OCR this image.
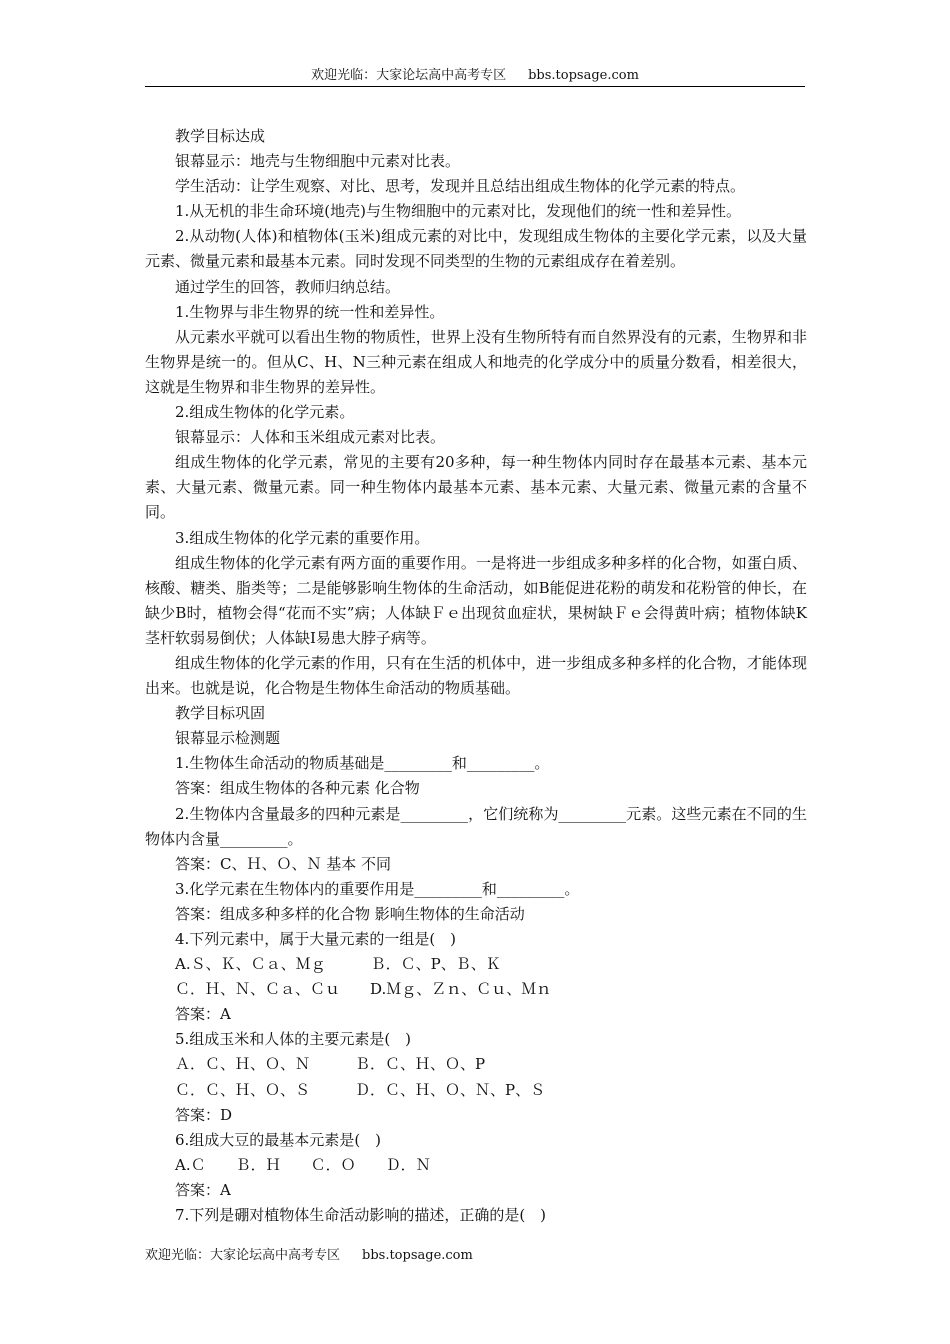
欢迎光临：大家论坛高中高考专区 bbs.topsage.com

教学目标达成

银幕显示：地壳与生物细胞中元素对比表。

学生活动：让学生观察、对比、思考，发现并且总结出组成生物体的化学元素的特点。

1.从无机的非生命环境(地壳)与生物细胞中的元素对比，发现他们的统一性和差异性。

2.从动物(人体)和植物体(玉米)组成元素的对比中，发现组成生物体的主要化学元素，以及大量元素、微量元素和最基本元素。同时发现不同类型的生物的元素组成存在着差别。

通过学生的回答，教师归纳总结。

1.生物界与非生物界的统一性和差异性。

从元素水平就可以看出生物的物质性，世界上没有生物所特有而自然界没有的元素，生物界和非生物界是统一的。但从C、H、N三种元素在组成人和地壳的化学成分中的质量分数看，相差很大，这就是生物界和非生物界的差异性。

2.组成生物体的化学元素。

银幕显示：人体和玉米组成元素对比表。

组成生物体的化学元素，常见的主要有20多种，每一种生物体内同时存在最基本元素、基本元素、大量元素、微量元素。同一种生物体内最基本元素、基本元素、大量元素、微量元素的含量不同。

3.组成生物体的化学元素的重要作用。

组成生物体的化学元素有两方面的重要作用。一是将进一步组成多种多样的化合物，如蛋白质、核酸、糖类、脂类等；二是能够影响生物体的生命活动，如B能促进花粉的萌发和花粉管的伸长，在缺少B时，植物会得“花而不实”病；人体缺Ｆｅ出现贫血症状，果树缺Ｆｅ会得黄叶病；植物体缺K茎杆软弱易倒伏；人体缺I易患大脖子病等。

组成生物体的化学元素的作用，只有在生活的机体中，进一步组成多种多样的化合物，才能体现出来。也就是说，化合物是生物体生命活动的物质基础。

教学目标巩固

银幕显示检测题

1.生物体生命活动的物质基础是_________和_________。

答案：组成生物体的各种元素 化合物

2.生物体内含量最多的四种元素是_________，它们统称为_________元素。这些元素在不同的生物体内含量_________。

答案：C、Ｈ、Ｏ、Ｎ 基本 不同

3.化学元素在生物体内的重要作用是_________和_________。

答案：组成多种多样的化合物 影响生物体的生命活动

4.下列元素中，属于大量元素的一组是(　)

A.Ｓ、Ｋ、Ｃａ、Ｍｇ　　　Ｂ．Ｃ、P、Ｂ、Ｋ

Ｃ．Ｈ、Ｎ、Ｃａ、Ｃｕ　　D.Ｍｇ、Ｚｎ、Ｃｕ、Ｍｎ

答案：A

5.组成玉米和人体的主要元素是(　)

Ａ．Ｃ、Ｈ、Ｏ、Ｎ　　　Ｂ．Ｃ、Ｈ、Ｏ、P

Ｃ．Ｃ、Ｈ、Ｏ、Ｓ　　　Ｄ．Ｃ、Ｈ、Ｏ、Ｎ、P、Ｓ

答案：D

6.组成大豆的最基本元素是(　)

A.Ｃ　　Ｂ．Ｈ　　Ｃ．Ｏ　　Ｄ．Ｎ

答案：A

7.下列是硼对植物体生命活动影响的描述，正确的是(　)

欢迎光临：大家论坛高中高考专区 bbs.topsage.com
